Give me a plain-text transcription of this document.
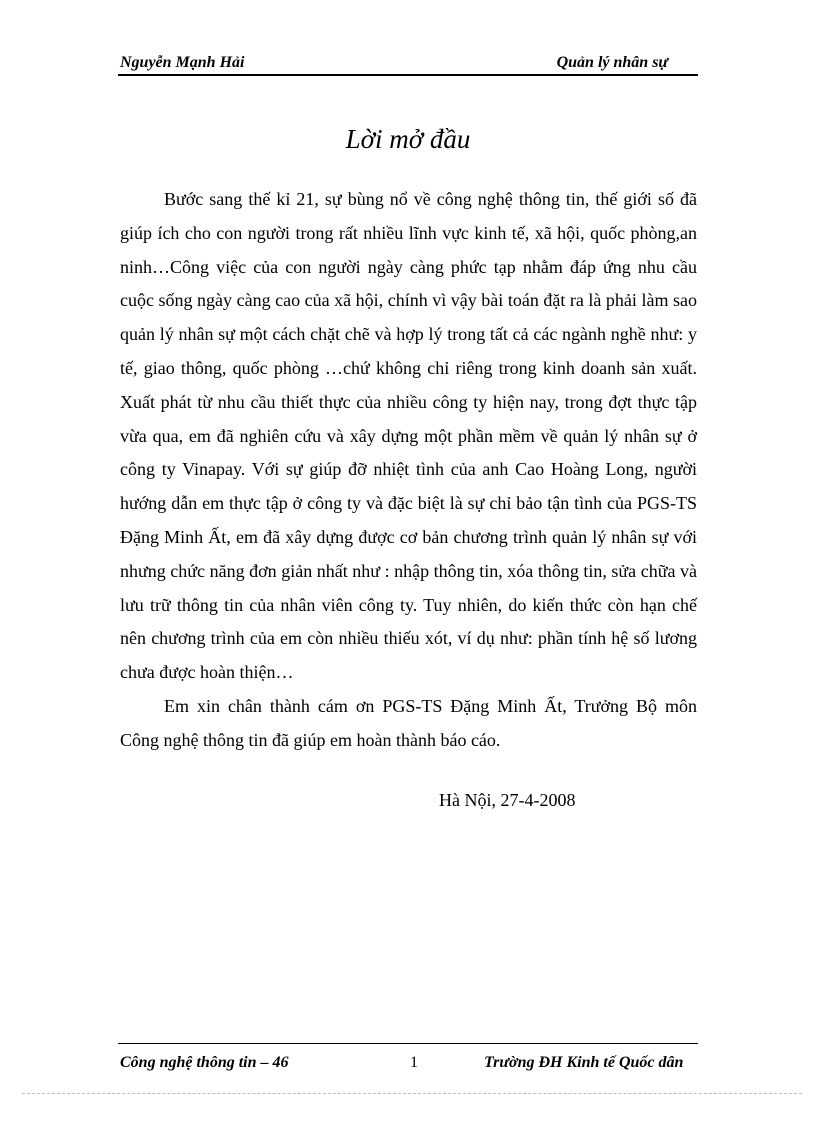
Nguyễn Mạnh Hải	Quản lý nhân sự
Lời mở đầu

Bước sang thế kỉ 21, sự bùng nổ về công nghệ thông tin, thế giới số đã giúp ích cho con người trong rất nhiều lĩnh vực kinh tế, xã hội, quốc phòng,an ninh…Công việc của con người ngày càng phức tạp nhằm đáp ứng nhu cầu cuộc sống ngày càng cao của xã hội, chính vì vậy bài toán đặt ra là phải làm sao quản lý nhân sự một cách chặt chẽ và hợp lý trong tất cả các ngành nghề như: y tế, giao thông, quốc phòng …chứ không chỉ riêng trong kinh doanh sản xuất. Xuất phát từ nhu cầu thiết thực của nhiều công ty hiện nay, trong đợt thực tập vừa qua, em đã nghiên cứu và xây dựng một phần mềm về quản lý nhân sự ở công ty Vinapay. Với sự giúp đỡ nhiệt tình của anh Cao Hoàng Long, người hướng dẫn em thực tập ở công ty và đặc biệt là sự chỉ bảo tận tình của PGS-TS Đặng Minh Ất, em đã xây dựng được cơ bản chương trình quản lý nhân sự với nhưng chức năng đơn giản nhất như : nhập thông tin, xóa thông tin, sửa chữa và lưu trữ thông tin của nhân viên công ty. Tuy nhiên, do kiến thức còn hạn chế nên chương trình của em còn nhiều thiếu xót, ví dụ như: phần tính hệ số lương chưa được hoàn thiện…

Em xin chân thành cám ơn PGS-TS Đặng Minh Ất, Trưởng Bộ môn Công nghệ thông tin đã giúp em hoàn thành báo cáo.

Hà Nội, 27-4-2008
Công nghệ thông tin – 46	1	Trường ĐH Kinh tế Quốc dân
